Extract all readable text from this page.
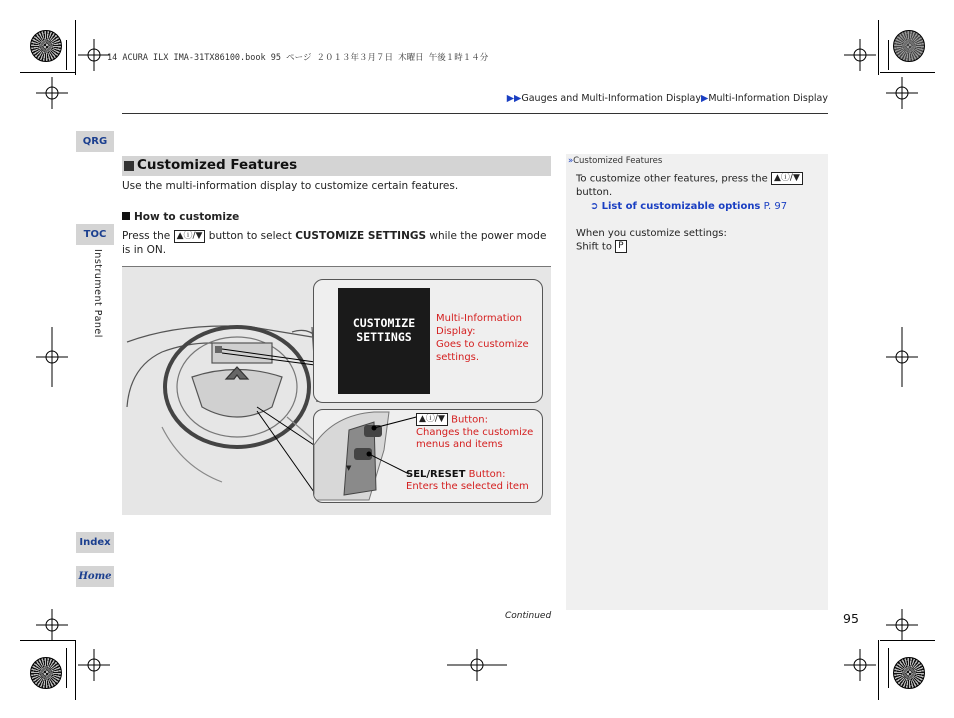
14 ACURA ILX IMA-31TX86100.book 95 ページ ２０１３年３月７日 木曜日 午後１時１４分
▶▶Gauges and Multi-Information Display▶Multi-Information Display
QRG
TOC
Instrument Panel
Index
Home
Customized Features
Use the multi-information display to customize certain features.
How to customize
Press the ▲ⓘ/▼ button to select CUSTOMIZE SETTINGS while the power mode is in ON.
CUSTOMIZE
SETTINGS
Multi-Information
Display:
Goes to customize
settings.
▼
▲ⓘ/▼ Button:
Changes the customize
menus and items
SEL/RESET Button:
Enters the selected item
»Customized Features
To customize other features, press the ▲ⓘ/▼
button.
➲ List of customizable options P. 97
When you customize settings:
Shift to P
Continued	95
